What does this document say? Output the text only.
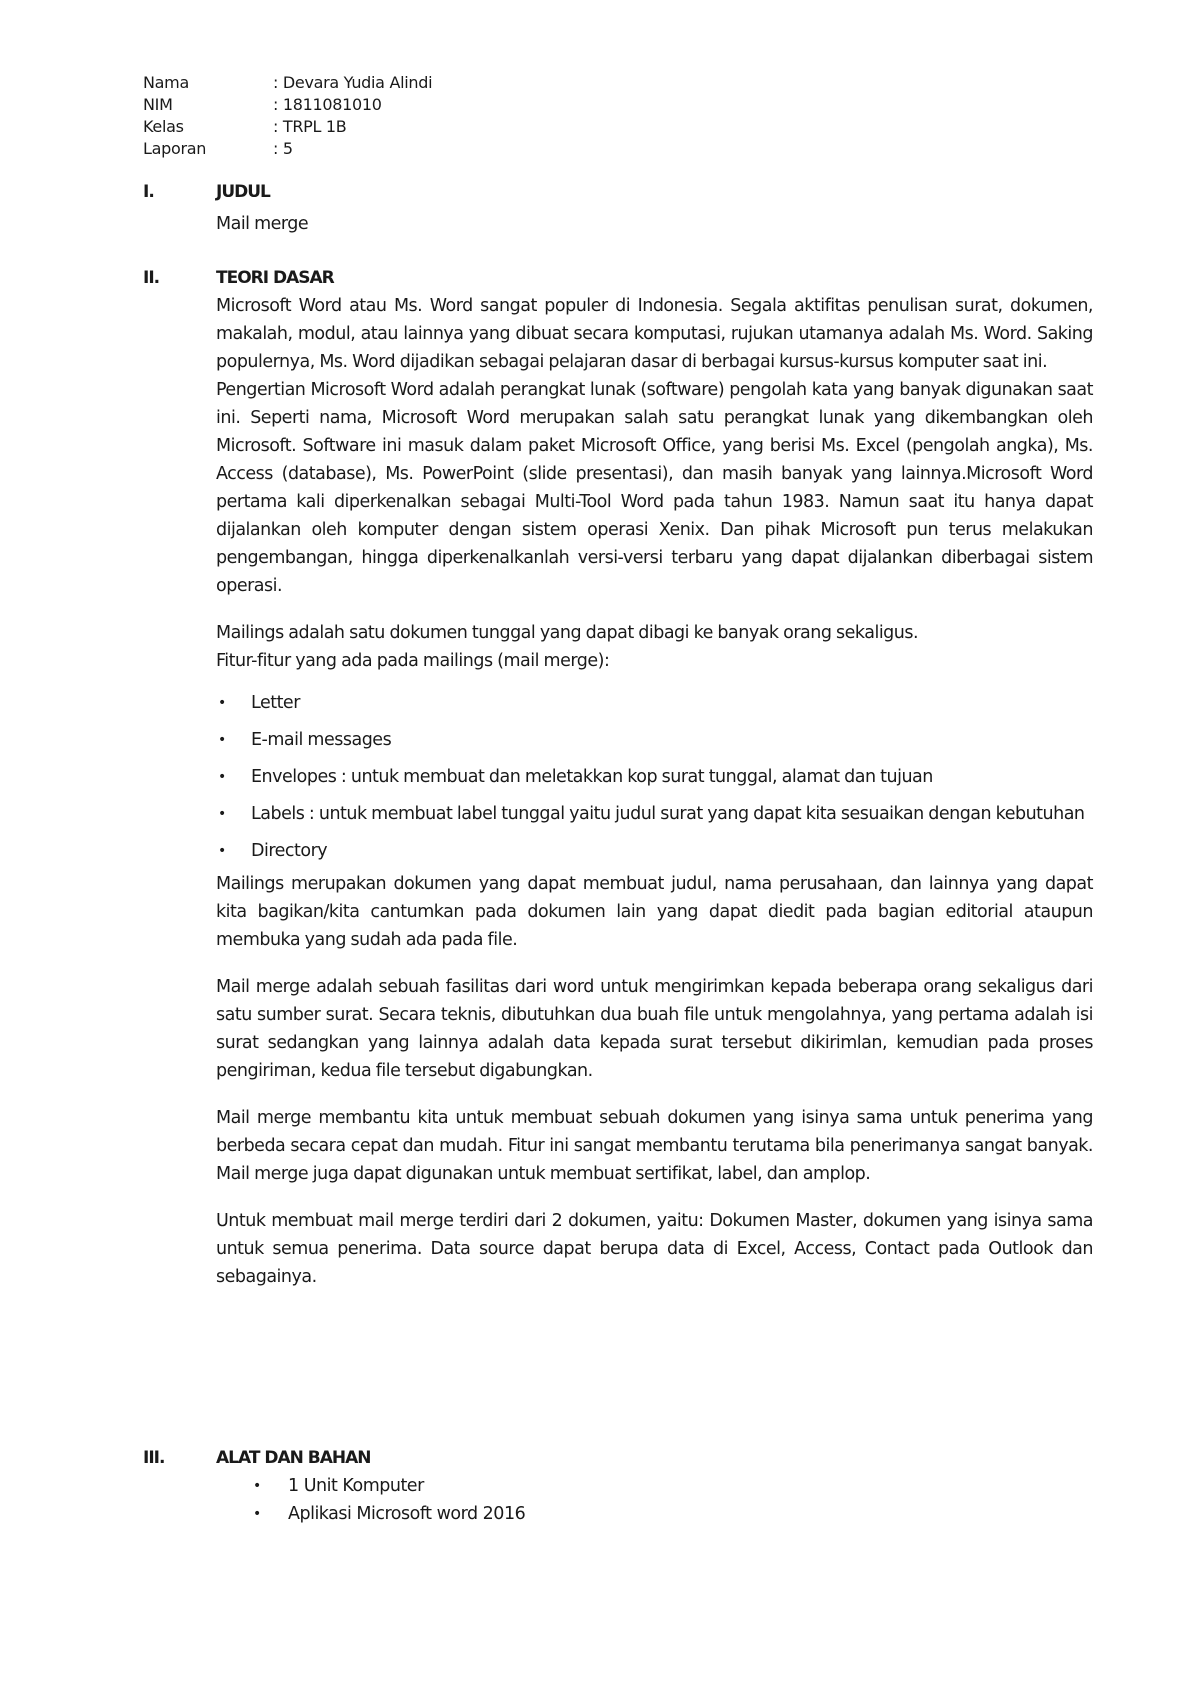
Nama	: Devara Yudia Alindi
NIM	: 1811081010
Kelas	: TRPL 1B
Laporan	: 5
I.	JUDUL

Mail merge

II.	TEORI DASAR

Microsoft Word atau Ms. Word sangat populer di Indonesia. Segala aktifitas penulisan surat, dokumen, makalah, modul, atau lainnya yang dibuat secara komputasi, rujukan utamanya adalah Ms. Word. Saking populernya, Ms. Word dijadikan sebagai pelajaran dasar di berbagai kursus-kursus komputer saat ini.

Pengertian Microsoft Word adalah perangkat lunak (software) pengolah kata yang banyak digunakan saat ini. Seperti nama, Microsoft Word merupakan salah satu perangkat lunak yang dikembangkan oleh Microsoft. Software ini masuk dalam paket Microsoft Office, yang berisi Ms. Excel (pengolah angka), Ms. Access (database), Ms. PowerPoint (slide presentasi), dan masih banyak yang lainnya.Microsoft Word pertama kali diperkenalkan sebagai Multi-Tool Word pada tahun 1983. Namun saat itu hanya dapat dijalankan oleh komputer dengan sistem operasi Xenix. Dan pihak Microsoft pun terus melakukan pengembangan, hingga diperkenalkanlah versi-versi terbaru yang dapat dijalankan diberbagai sistem operasi.

Mailings adalah satu dokumen tunggal yang dapat dibagi ke banyak orang sekaligus.

Fitur-fitur yang ada pada mailings (mail merge):

• Letter
• E-mail messages
• Envelopes : untuk membuat dan meletakkan kop surat tunggal, alamat dan tujuan
• Labels : untuk membuat label tunggal yaitu judul surat yang dapat kita sesuaikan dengan kebutuhan
• Directory

Mailings merupakan dokumen yang dapat membuat judul, nama perusahaan, dan lainnya yang dapat kita bagikan/kita cantumkan pada dokumen lain yang dapat diedit pada bagian editorial ataupun membuka yang sudah ada pada file.

Mail merge adalah sebuah fasilitas dari word untuk mengirimkan kepada beberapa orang sekaligus dari satu sumber surat. Secara teknis, dibutuhkan dua buah file untuk mengolahnya, yang pertama adalah isi surat sedangkan yang lainnya adalah data kepada surat tersebut dikirimlan, kemudian pada proses pengiriman, kedua file tersebut digabungkan.

Mail merge membantu kita untuk membuat sebuah dokumen yang isinya sama untuk penerima yang berbeda secara cepat dan mudah. Fitur ini sangat membantu terutama bila penerimanya sangat banyak. Mail merge juga dapat digunakan untuk membuat sertifikat, label, dan amplop.

Untuk membuat mail merge terdiri dari 2 dokumen, yaitu: Dokumen Master, dokumen yang isinya sama untuk semua penerima. Data source dapat berupa data di Excel, Access, Contact pada Outlook dan sebagainya.

III.	ALAT DAN BAHAN
• 1 Unit Komputer
• Aplikasi Microsoft word 2016
